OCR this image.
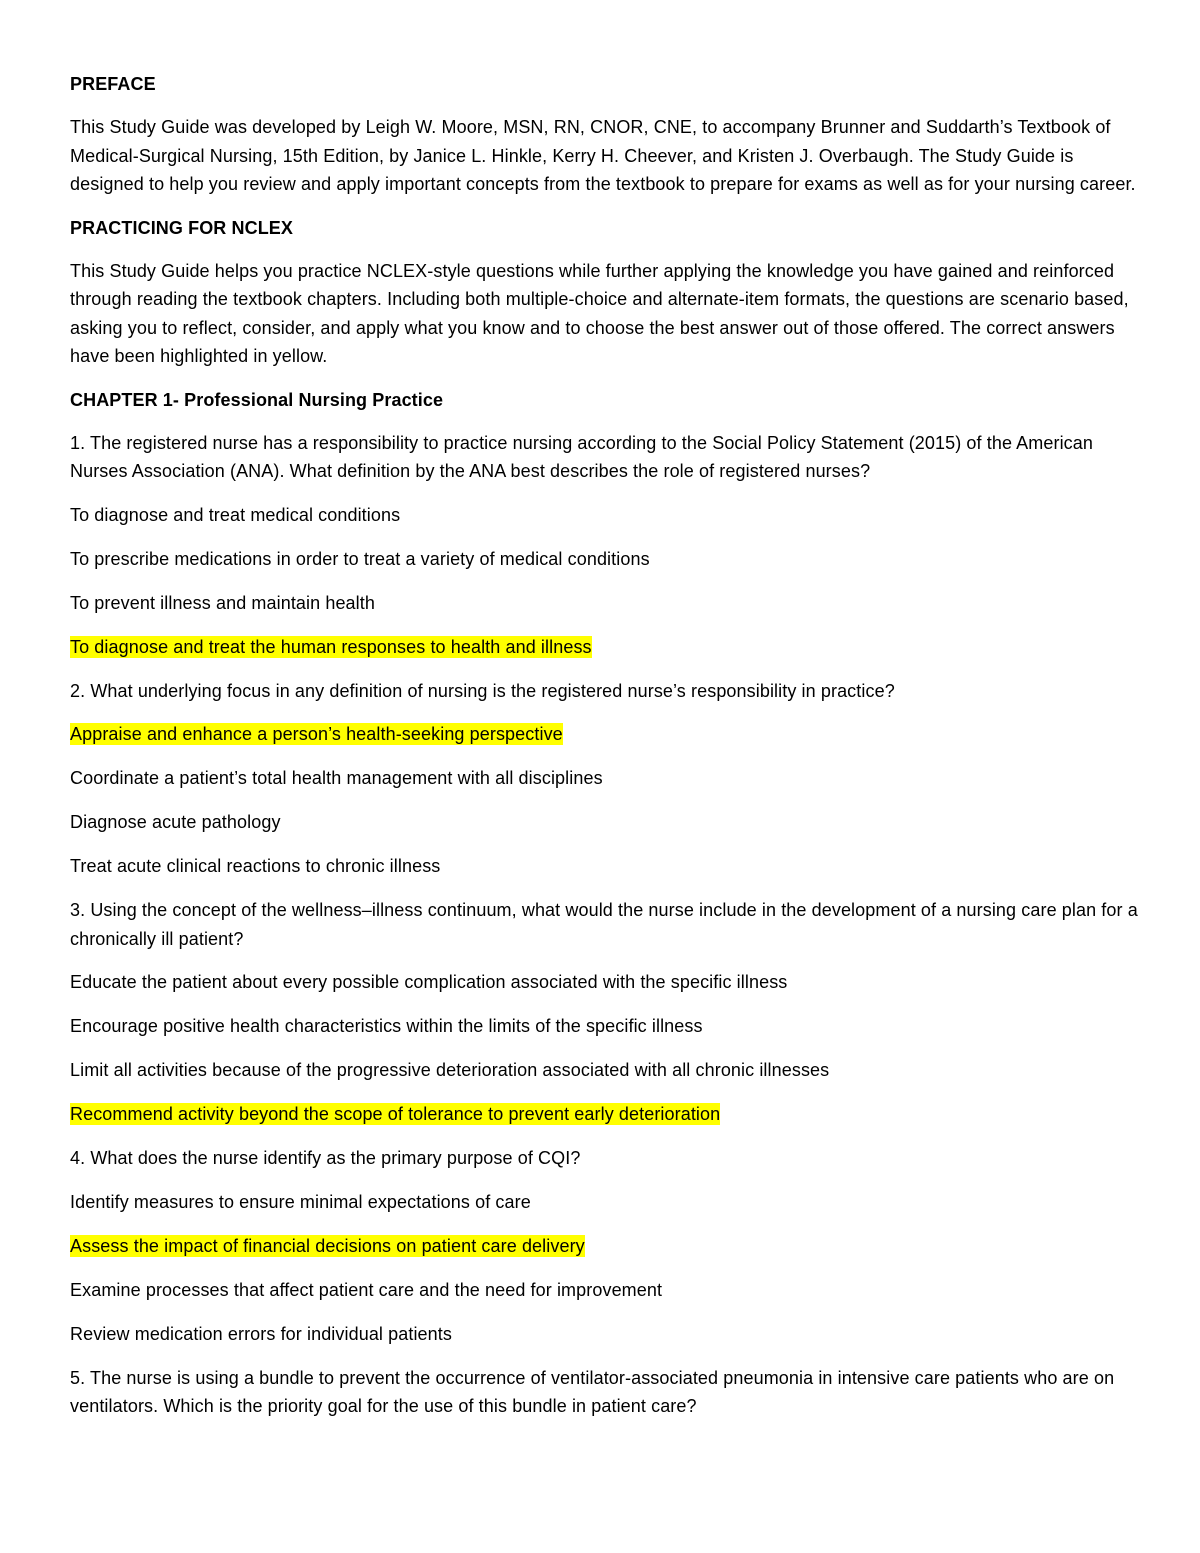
PREFACE
This Study Guide was developed by Leigh W. Moore, MSN, RN, CNOR, CNE, to accompany Brunner and Suddarth’s Textbook of Medical-Surgical Nursing, 15th Edition, by Janice L. Hinkle, Kerry H. Cheever, and Kristen J. Overbaugh. The Study Guide is designed to help you review and apply important concepts from the textbook to prepare for exams as well as for your nursing career.
PRACTICING FOR NCLEX
This Study Guide helps you practice NCLEX-style questions while further applying the knowledge you have gained and reinforced through reading the textbook chapters. Including both multiple-choice and alternate-item formats, the questions are scenario based, asking you to reflect, consider, and apply what you know and to choose the best answer out of those offered. The correct answers have been highlighted in yellow.
CHAPTER 1- Professional Nursing Practice
1. The registered nurse has a responsibility to practice nursing according to the Social Policy Statement (2015) of the American Nurses Association (ANA). What definition by the ANA best describes the role of registered nurses?
To diagnose and treat medical conditions
To prescribe medications in order to treat a variety of medical conditions
To prevent illness and maintain health
To diagnose and treat the human responses to health and illness
2. What underlying focus in any definition of nursing is the registered nurse’s responsibility in practice?
Appraise and enhance a person’s health-seeking perspective
Coordinate a patient’s total health management with all disciplines
Diagnose acute pathology
Treat acute clinical reactions to chronic illness
3. Using the concept of the wellness–illness continuum, what would the nurse include in the development of a nursing care plan for a chronically ill patient?
Educate the patient about every possible complication associated with the specific illness
Encourage positive health characteristics within the limits of the specific illness
Limit all activities because of the progressive deterioration associated with all chronic illnesses
Recommend activity beyond the scope of tolerance to prevent early deterioration
4. What does the nurse identify as the primary purpose of CQI?
Identify measures to ensure minimal expectations of care
Assess the impact of financial decisions on patient care delivery
Examine processes that affect patient care and the need for improvement
Review medication errors for individual patients
5. The nurse is using a bundle to prevent the occurrence of ventilator-associated pneumonia in intensive care patients who are on ventilators. Which is the priority goal for the use of this bundle in patient care?
